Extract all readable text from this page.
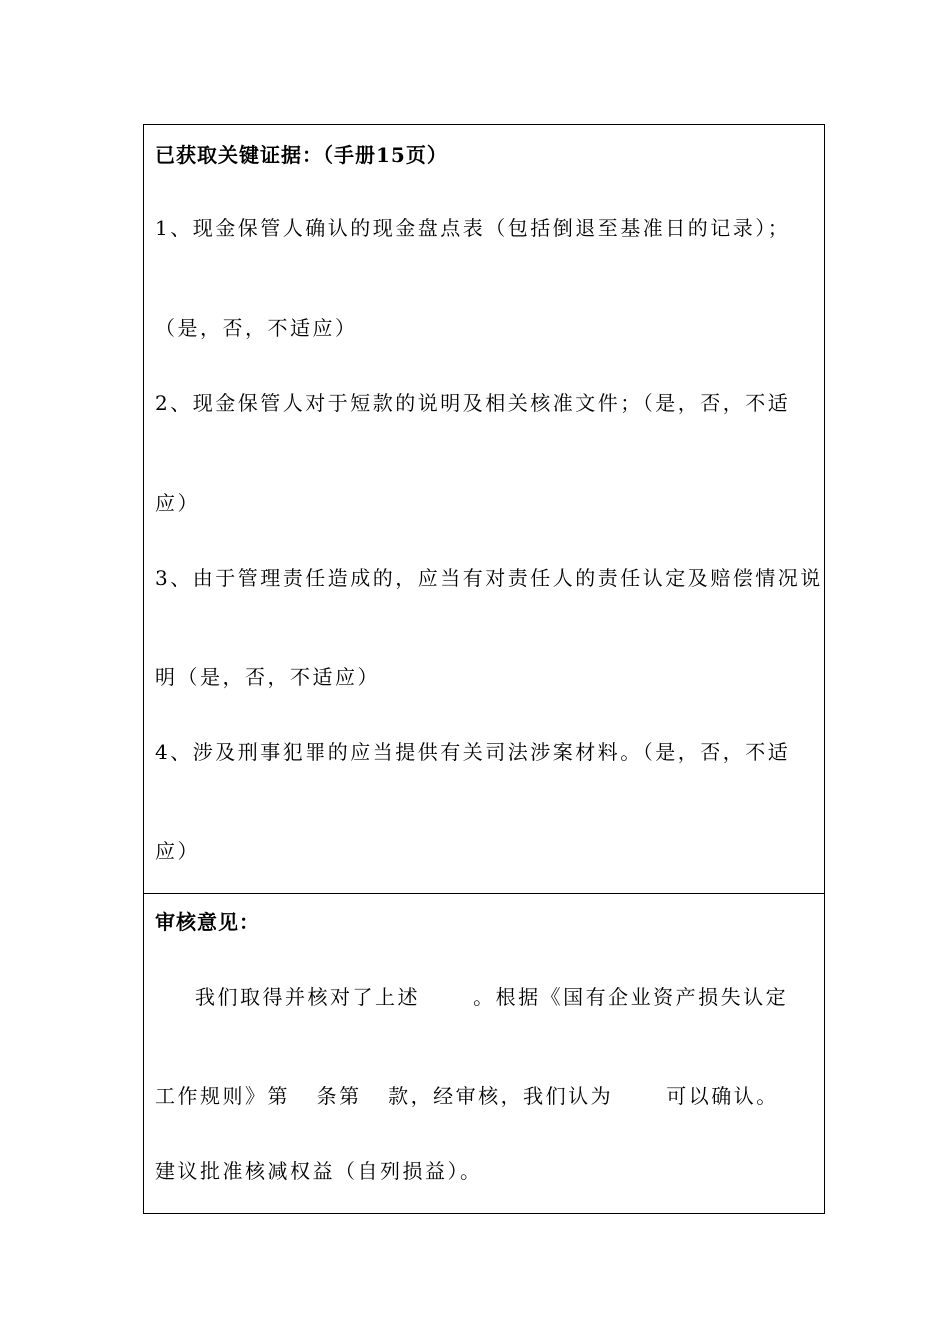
已获取关键证据：（手册15页）
1、现金保管人确认的现金盘点表（包括倒退至基准日的记录）；
（是，否，不适应）
2、现金保管人对于短款的说明及相关核准文件；（是，否，不适
应）
3、由于管理责任造成的，应当有对责任人的责任认定及赔偿情况说
明（是，否，不适应）
4、涉及刑事犯罪的应当提供有关司法涉案材料。（是，否，不适
应）
审核意见：
我们取得并核对了上述      。根据《国有企业资产损失认定
工作规则》第   条第   款，经审核，我们认为      可以确认。
建议批准核减权益（自列损益）。
